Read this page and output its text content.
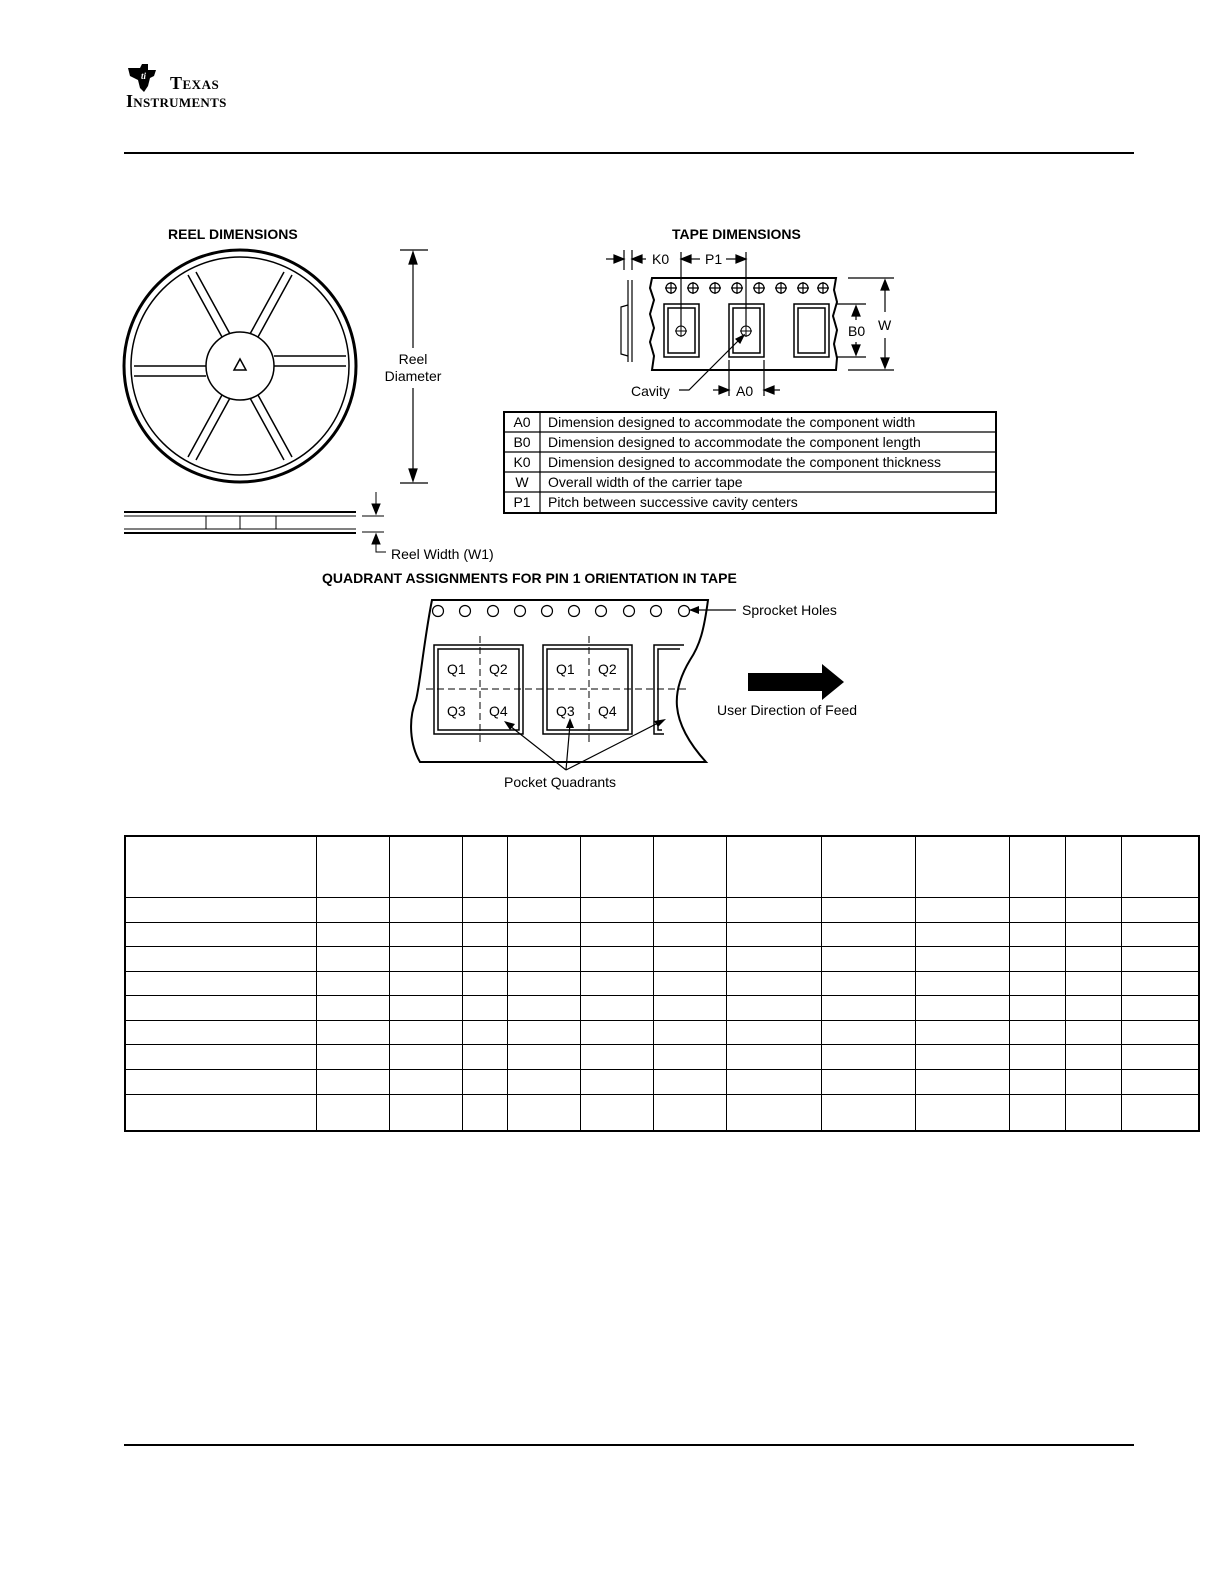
ti Texas
Instruments
REEL DIMENSIONS
Reel
Diameter
Reel Width (W1)
TAPE DIMENSIONS
K0	P1
B0 W
A0
Cavity
A0 Dimension designed to accommodate the component width
B0 Dimension designed to accommodate the component length
K0 Dimension designed to accommodate the component thickness
W Overall width of the carrier tape
P1 Pitch between successive cavity centers
QUADRANT ASSIGNMENTS FOR PIN 1 ORIENTATION IN TAPE
Q1 Q2
Q3 Q4
Q1 Q2
Q3 Q4
Sprocket Holes
User Direction of Feed
Pocket Quadrants
